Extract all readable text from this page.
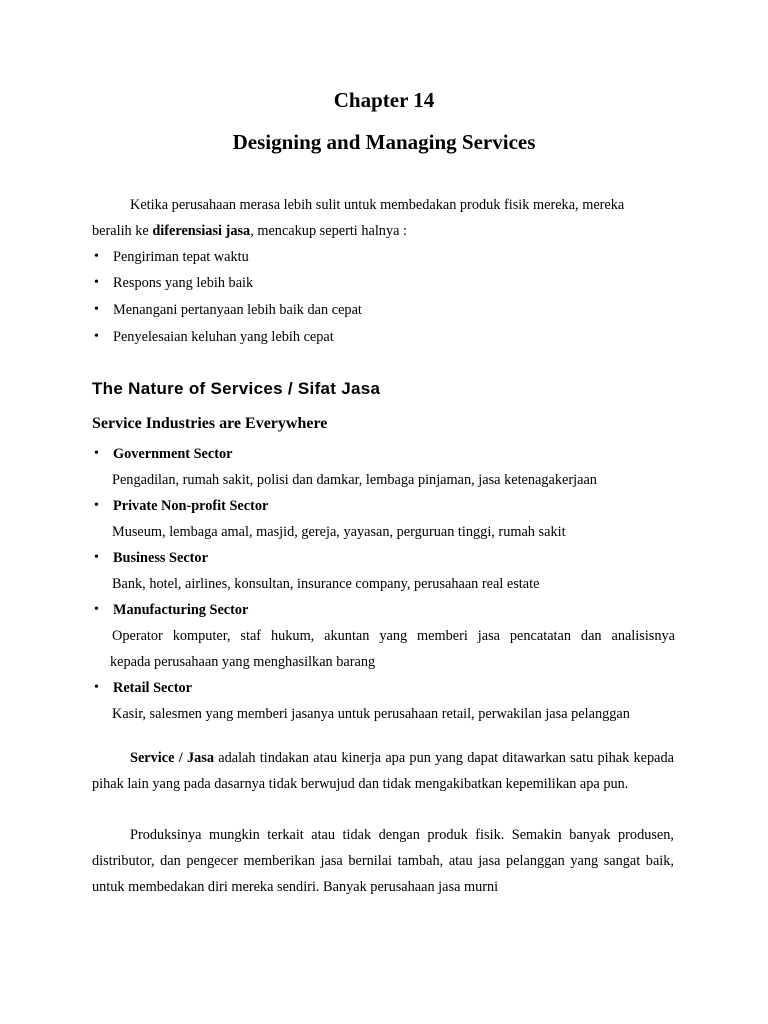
Chapter 14
Designing and Managing Services
Ketika perusahaan merasa lebih sulit untuk membedakan produk fisik mereka, mereka
beralih ke diferensiasi jasa, mencakup seperti halnya :
• Pengiriman tepat waktu
• Respons yang lebih baik
• Menangani pertanyaan lebih baik dan cepat
• Penyelesaian keluhan yang lebih cepat
The Nature of Services / Sifat Jasa
Service Industries are Everywhere
• Government Sector
Pengadilan, rumah sakit, polisi dan damkar, lembaga pinjaman, jasa ketenagakerjaan
• Private Non-profit Sector
Museum, lembaga amal, masjid, gereja, yayasan, perguruan tinggi, rumah sakit
• Business Sector
Bank, hotel, airlines, konsultan, insurance company, perusahaan real estate
• Manufacturing Sector
Operator komputer, staf hukum, akuntan yang memberi jasa pencatatan dan analisisnya
kepada perusahaan yang menghasilkan barang
• Retail Sector
Kasir, salesmen yang memberi jasanya untuk perusahaan retail, perwakilan jasa pelanggan
Service / Jasa adalah tindakan atau kinerja apa pun yang dapat ditawarkan satu pihak kepada pihak lain yang pada dasarnya tidak berwujud dan tidak mengakibatkan kepemilikan apa pun.
Produksinya mungkin terkait atau tidak dengan produk fisik. Semakin banyak produsen, distributor, dan pengecer memberikan jasa bernilai tambah, atau jasa pelanggan yang sangat baik, untuk membedakan diri mereka sendiri. Banyak perusahaan jasa murni
